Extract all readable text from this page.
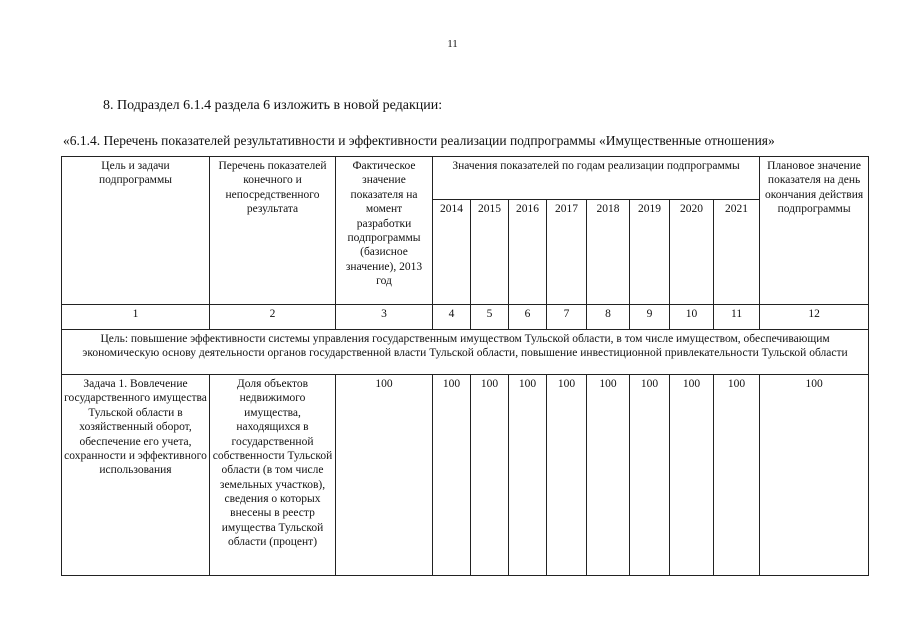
11
8. Подраздел 6.1.4 раздела 6 изложить в новой редакции:
«6.1.4. Перечень показателей результативности и эффективности реализации подпрограммы «Имущественные отношения»
Цель и задачи подпрограммы	Перечень показателей конечного и непосредственного результата	Фактическое значение показателя на момент разработки подпрограммы (базисное значение), 2013 год	Значения показателей по годам реализации подпрограммы								Плановое значение показателя на день окончания действия подпрограммы
			2014	2015	2016	2017	2018	2019	2020	2021	
1	2	3	4	5	6	7	8	9	10	11	12
Цель: повышение эффективности системы управления государственным имуществом Тульской области, в том числе имуществом, обеспечивающим экономическую основу деятельности органов государственной власти Тульской области, повышение инвестиционной привлекательности Тульской области											
Задача 1. Вовлечение государственного имущества Тульской области в хозяйственный оборот, обеспечение его учета, сохранности и эффективного использования	Доля объектов недвижимого имущества, находящихся в государственной собственности Тульской области (в том числе земельных участков), сведения о которых внесены в реестр имущества Тульской области (процент)	100	100	100	100	100	100	100	100	100	100
